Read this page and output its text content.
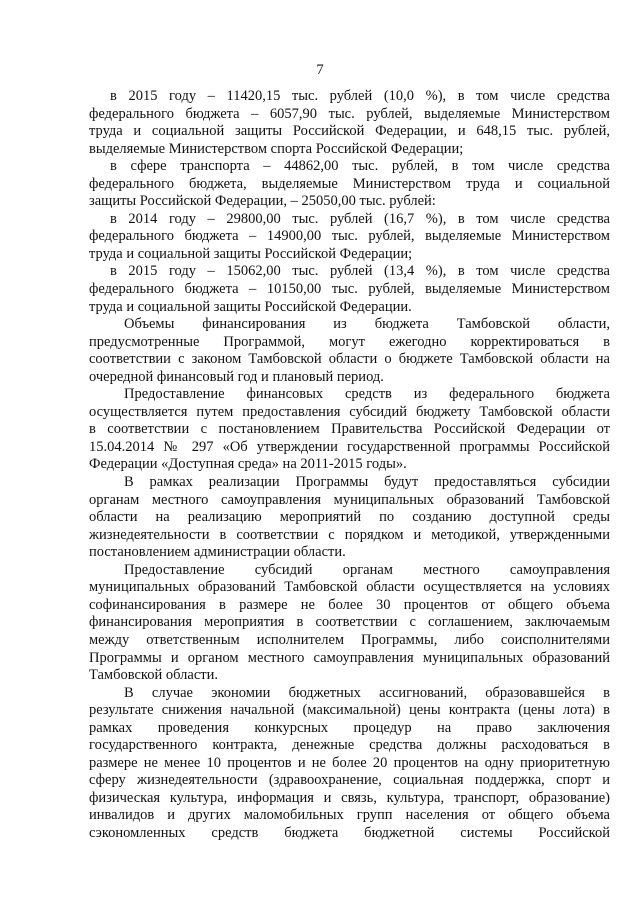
7
в 2015 году – 11420,15 тыс. рублей (10,0 %), в том числе средства
федерального бюджета – 6057,90 тыс. рублей, выделяемые Министерством
труда и социальной защиты Российской Федерации, и 648,15 тыс. рублей,
выделяемые Министерством спорта Российской Федерации;
в сфере транспорта – 44862,00 тыс. рублей, в том числе средства
федерального бюджета, выделяемые Министерством труда и социальной
защиты Российской Федерации, – 25050,00 тыс. рублей:
в 2014 году – 29800,00 тыс. рублей (16,7 %), в том числе средства
федерального бюджета – 14900,00 тыс. рублей, выделяемые Министерством
труда и социальной защиты Российской Федерации;
в 2015 году – 15062,00 тыс. рублей (13,4 %), в том числе средства
федерального бюджета – 10150,00 тыс. рублей, выделяемые Министерством
труда и социальной защиты Российской Федерации.
Объемы финансирования из бюджета Тамбовской области,
предусмотренные Программой, могут ежегодно корректироваться в
соответствии с законом Тамбовской области о бюджете Тамбовской области на
очередной финансовый год и плановый период.
Предоставление финансовых средств из федерального бюджета
осуществляется путем предоставления субсидий бюджету Тамбовской области
в соответствии с постановлением Правительства Российской Федерации от
15.04.2014 № 297 «Об утверждении государственной программы Российской
Федерации «Доступная среда» на 2011-2015 годы».
В рамках реализации Программы будут предоставляться субсидии
органам местного самоуправления муниципальных образований Тамбовской
области на реализацию мероприятий по созданию доступной среды
жизнедеятельности в соответствии с порядком и методикой, утвержденными
постановлением администрации области.
Предоставление субсидий органам местного самоуправления
муниципальных образований Тамбовской области осуществляется на условиях
софинансирования в размере не более 30 процентов от общего объема
финансирования мероприятия в соответствии с соглашением, заключаемым
между ответственным исполнителем Программы, либо соисполнителями
Программы и органом местного самоуправления муниципальных образований
Тамбовской области.
В случае экономии бюджетных ассигнований, образовавшейся в
результате снижения начальной (максимальной) цены контракта (цены лота) в
рамках проведения конкурсных процедур на право заключения
государственного контракта, денежные средства должны расходоваться в
размере не менее 10 процентов и не более 20 процентов на одну приоритетную
сферу жизнедеятельности (здравоохранение, социальная поддержка, спорт и
физическая культура, информация и связь, культура, транспорт, образование)
инвалидов и других маломобильных групп населения от общего объема
сэкономленных средств бюджета бюджетной системы Российской
